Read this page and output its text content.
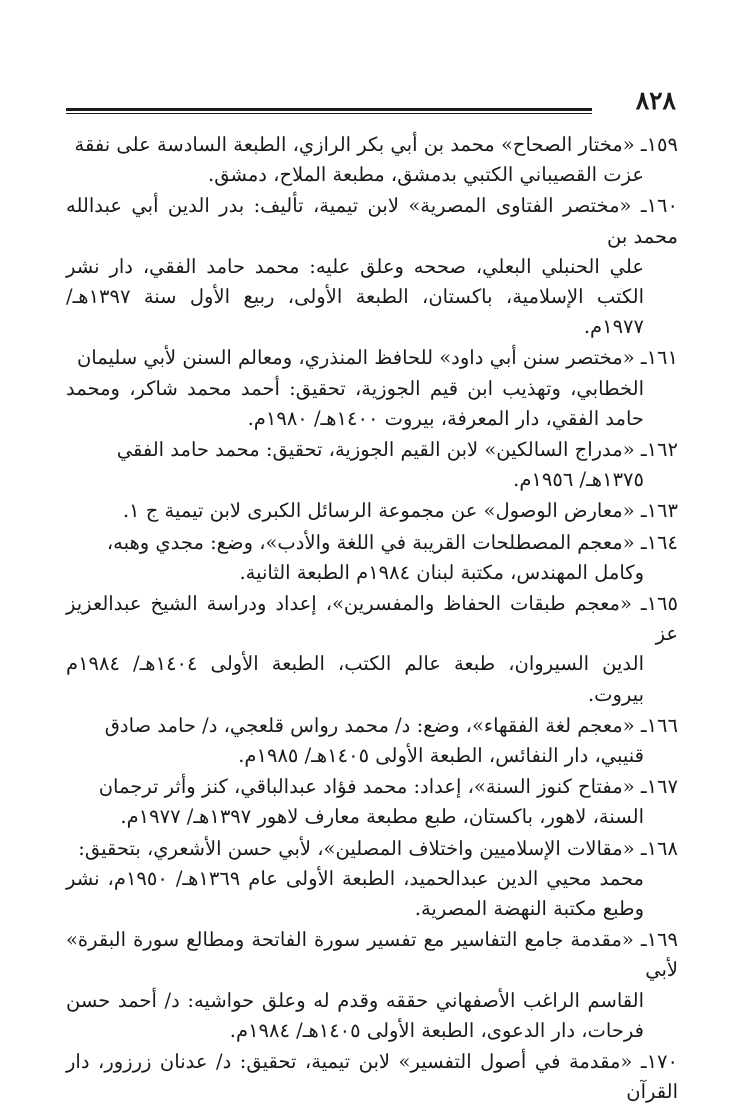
٨٢٨

١٥٩ـ «مختار الصحاح» محمد بن أبي بكر الرازي، الطبعة السادسة على نفقة
عزت القصيباني الكتبي بدمشق، مطبعة الملاح، دمشق.

١٦٠ـ «مختصر الفتاوى المصرية» لابن تيمية، تأليف: بدر الدين أبي عبدالله محمد بن
علي الحنبلي البعلي، صححه وعلق عليه: محمد حامد الفقي، دار نشر الكتب الإسلامية، باكستان، الطبعة الأولى، ربيع الأول سنة ١٣٩٧هـ/ ١٩٧٧م.

١٦١ـ «مختصر سنن أبي داود» للحافظ المنذري، ومعالم السنن لأبي سليمان
الخطابي، وتهذيب ابن قيم الجوزية، تحقيق: أحمد محمد شاكر، ومحمد حامد الفقي، دار المعرفة، بيروت ١٤٠٠هـ/ ١٩٨٠م.

١٦٢ـ «مدراج السالكين» لابن القيم الجوزية، تحقيق: محمد حامد الفقي
١٣٧٥هـ/ ١٩٥٦م.

١٦٣ـ «معارض الوصول» عن مجموعة الرسائل الكبرى لابن تيمية ج ١.

١٦٤ـ «معجم المصطلحات القريبة في اللغة والأدب»، وضع: مجدي وهبه،
وكامل المهندس، مكتبة لبنان ١٩٨٤م الطبعة الثانية.

١٦٥ـ «معجم طبقات الحفاظ والمفسرين»، إعداد ودراسة الشيخ عبدالعزيز عز
الدين السيروان، طبعة عالم الكتب، الطبعة الأولى ١٤٠٤هـ/ ١٩٨٤م بيروت.

١٦٦ـ «معجم لغة الفقهاء»، وضع: د/ محمد رواس قلعجي، د/ حامد صادق
قنيبي، دار النفائس، الطبعة الأولى ١٤٠٥هـ/ ١٩٨٥م.

١٦٧ـ «مفتاح كنوز السنة»، إعداد: محمد فؤاد عبدالباقي، كنز وأثر ترجمان
السنة، لاهور، باكستان، طبع مطبعة معارف لاهور ١٣٩٧هـ/ ١٩٧٧م.

١٦٨ـ «مقالات الإسلاميين واختلاف المصلين»، لأبي حسن الأشعري، بتحقيق:
محمد محيي الدين عبدالحميد، الطبعة الأولى عام ١٣٦٩هـ/ ١٩٥٠م، نشر وطبع مكتبة النهضة المصرية.

١٦٩ـ «مقدمة جامع التفاسير مع تفسير سورة الفاتحة ومطالع سورة البقرة» لأبي
القاسم الراغب الأصفهاني حققه وقدم له وعلق حواشيه: د/ أحمد حسن فرحات، دار الدعوى، الطبعة الأولى ١٤٠٥هـ/ ١٩٨٤م.

١٧٠ـ «مقدمة في أصول التفسير» لابن تيمية، تحقيق: د/ عدنان زرزور، دار القرآن
